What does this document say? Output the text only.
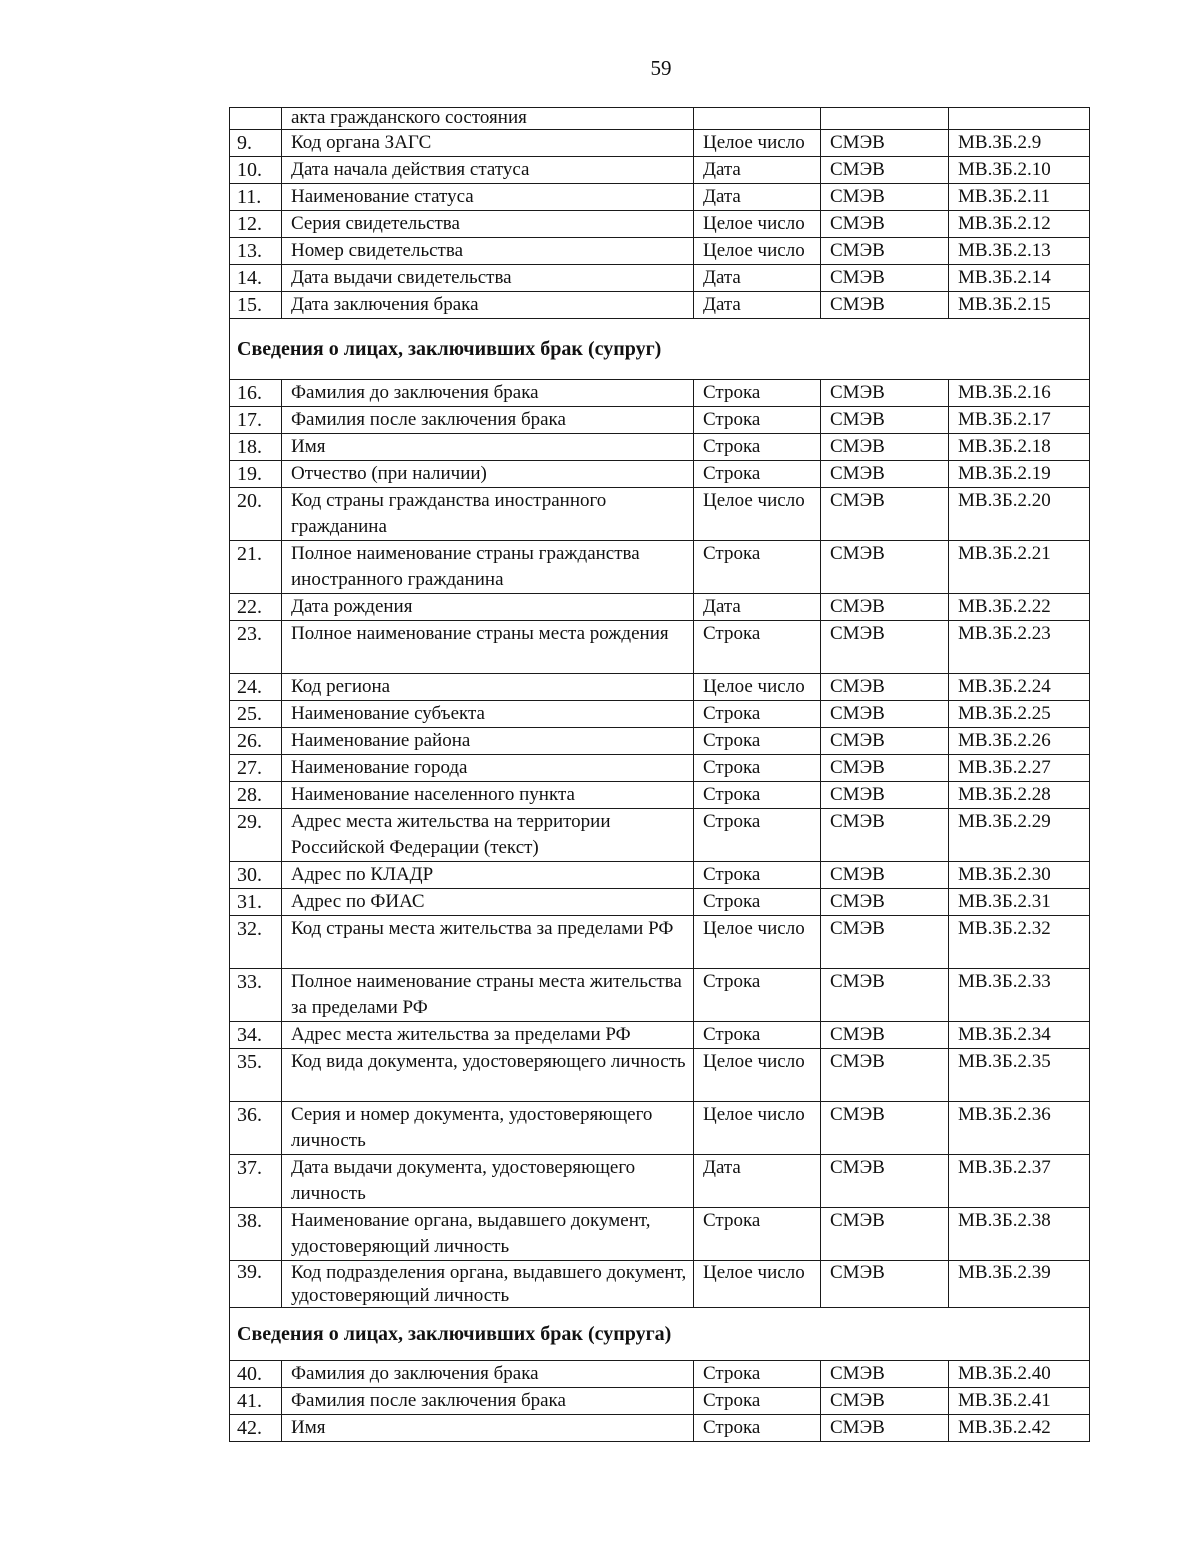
59
	акта гражданского состояния			
9.	Код органа ЗАГС	Целое число	СМЭВ	МВ.ЗБ.2.9
10.	Дата начала действия статуса	Дата	СМЭВ	МВ.ЗБ.2.10
11.	Наименование статуса	Дата	СМЭВ	МВ.ЗБ.2.11
12.	Серия свидетельства	Целое число	СМЭВ	МВ.ЗБ.2.12
13.	Номер свидетельства	Целое число	СМЭВ	МВ.ЗБ.2.13
14.	Дата выдачи свидетельства	Дата	СМЭВ	МВ.ЗБ.2.14
15.	Дата заключения брака	Дата	СМЭВ	МВ.ЗБ.2.15
Сведения о лицах, заключивших брак (супруг)				
16.	Фамилия до заключения брака	Строка	СМЭВ	МВ.ЗБ.2.16
17.	Фамилия после заключения брака	Строка	СМЭВ	МВ.ЗБ.2.17
18.	Имя	Строка	СМЭВ	МВ.ЗБ.2.18
19.	Отчество (при наличии)	Строка	СМЭВ	МВ.ЗБ.2.19
20.	Код страны гражданства иностранного гражданина	Целое число	СМЭВ	МВ.ЗБ.2.20
21.	Полное наименование страны гражданства иностранного гражданина	Строка	СМЭВ	МВ.ЗБ.2.21
22.	Дата рождения	Дата	СМЭВ	МВ.ЗБ.2.22
23.	Полное наименование страны места рождения	Строка	СМЭВ	МВ.ЗБ.2.23
24.	Код региона	Целое число	СМЭВ	МВ.ЗБ.2.24
25.	Наименование субъекта	Строка	СМЭВ	МВ.ЗБ.2.25
26.	Наименование района	Строка	СМЭВ	МВ.ЗБ.2.26
27.	Наименование города	Строка	СМЭВ	МВ.ЗБ.2.27
28.	Наименование населенного пункта	Строка	СМЭВ	МВ.ЗБ.2.28
29.	Адрес места жительства на территории Российской Федерации (текст)	Строка	СМЭВ	МВ.ЗБ.2.29
30.	Адрес по КЛАДР	Строка	СМЭВ	МВ.ЗБ.2.30
31.	Адрес по ФИАС	Строка	СМЭВ	МВ.ЗБ.2.31
32.	Код страны места жительства за пределами РФ	Целое число	СМЭВ	МВ.ЗБ.2.32
33.	Полное наименование страны места жительства за пределами РФ	Строка	СМЭВ	МВ.ЗБ.2.33
34.	Адрес места жительства за пределами РФ	Строка	СМЭВ	МВ.ЗБ.2.34
35.	Код вида документа, удостоверяющего личность	Целое число	СМЭВ	МВ.ЗБ.2.35
36.	Серия и номер документа, удостоверяющего личность	Целое число	СМЭВ	МВ.ЗБ.2.36
37.	Дата выдачи документа, удостоверяющего личность	Дата	СМЭВ	МВ.ЗБ.2.37
38.	Наименование органа, выдавшего документ, удостоверяющий личность	Строка	СМЭВ	МВ.ЗБ.2.38
39.	Код подразделения органа, выдавшего документ, удостоверяющий личность	Целое число	СМЭВ	МВ.ЗБ.2.39
Сведения о лицах, заключивших брак (супруга)				
40.	Фамилия до заключения брака	Строка	СМЭВ	МВ.ЗБ.2.40
41.	Фамилия после заключения брака	Строка	СМЭВ	МВ.ЗБ.2.41
42.	Имя	Строка	СМЭВ	МВ.ЗБ.2.42
